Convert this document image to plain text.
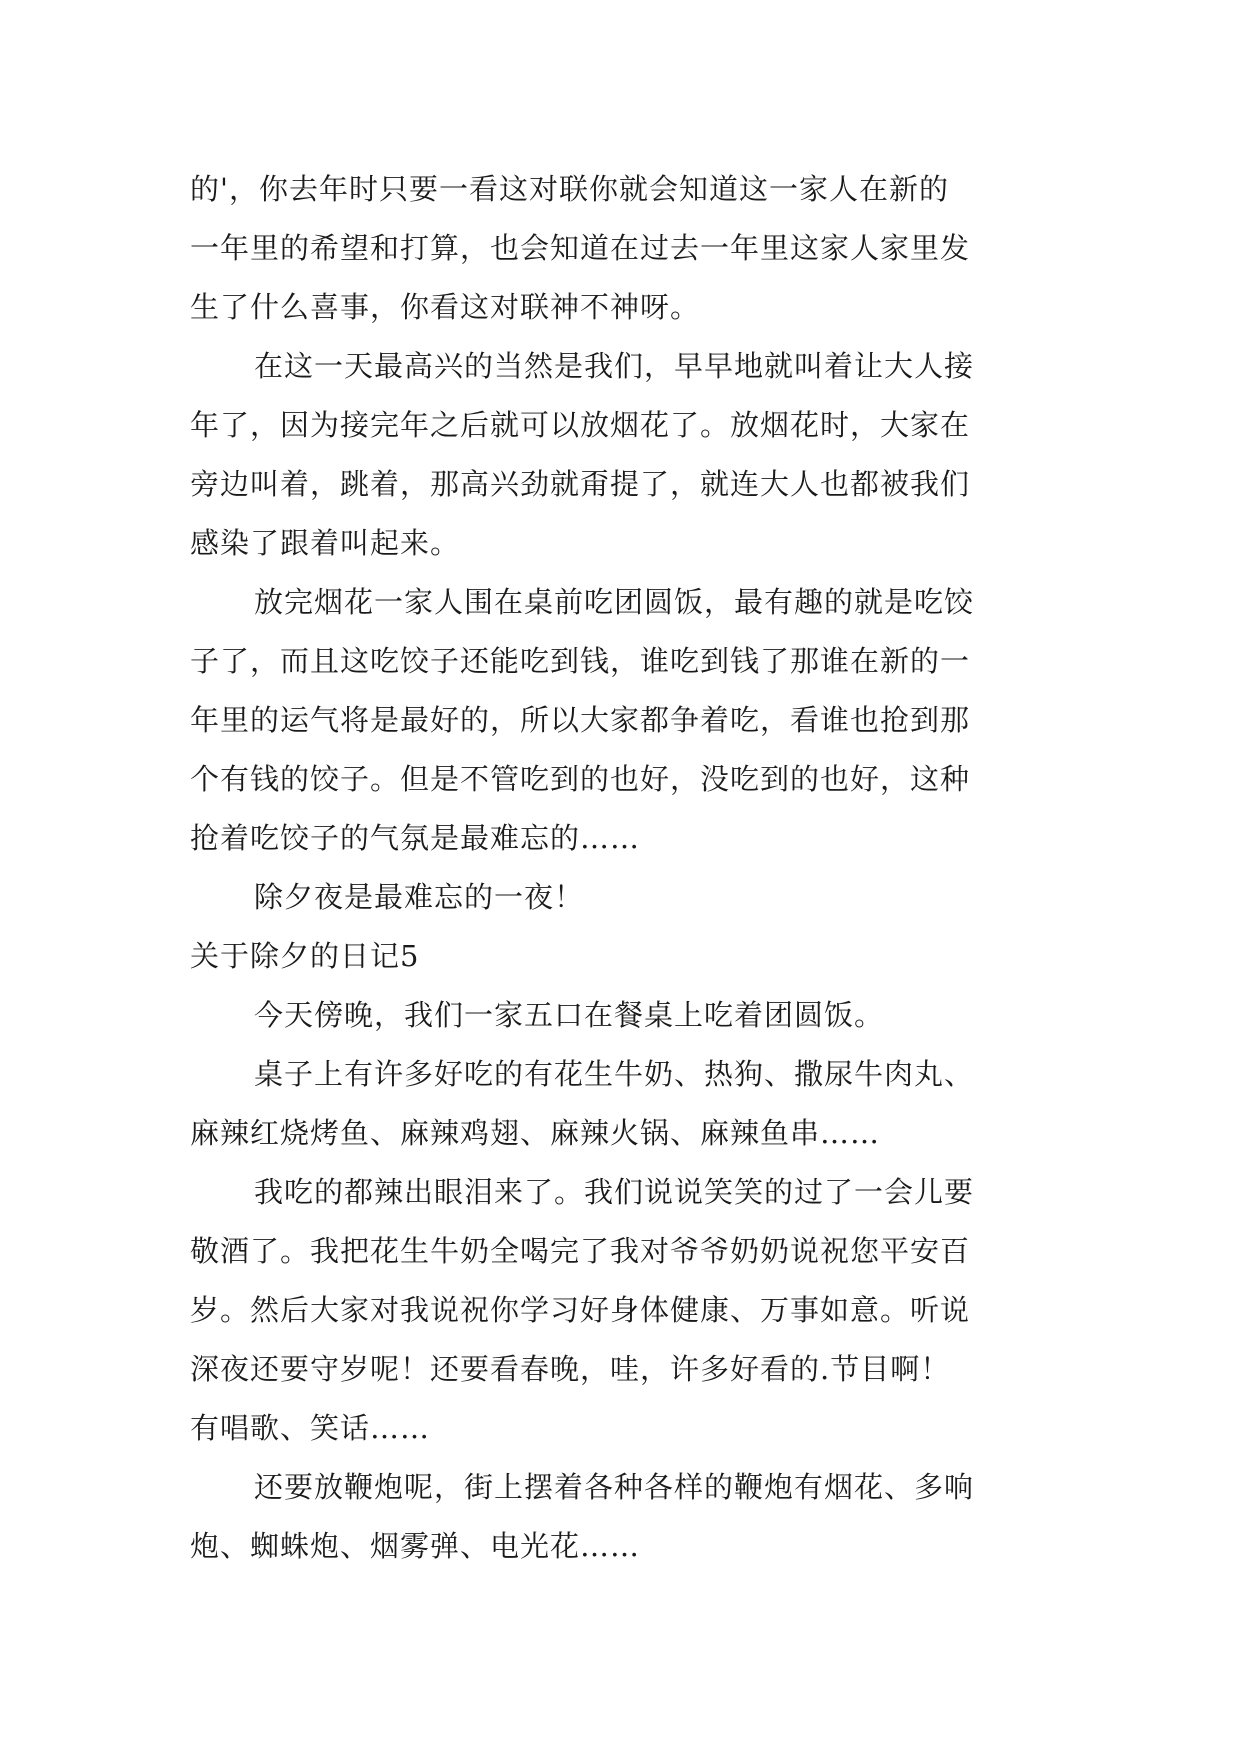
的'，你去年时只要一看这对联你就会知道这一家人在新的
一年里的希望和打算，也会知道在过去一年里这家人家里发
生了什么喜事，你看这对联神不神呀。
在这一天最高兴的当然是我们，早早地就叫着让大人接
年了，因为接完年之后就可以放烟花了。放烟花时，大家在
旁边叫着，跳着，那高兴劲就甭提了，就连大人也都被我们
感染了跟着叫起来。
放完烟花一家人围在桌前吃团圆饭，最有趣的就是吃饺
子了，而且这吃饺子还能吃到钱，谁吃到钱了那谁在新的一
年里的运气将是最好的，所以大家都争着吃，看谁也抢到那
个有钱的饺子。但是不管吃到的也好，没吃到的也好，这种
抢着吃饺子的气氛是最难忘的……
除夕夜是最难忘的一夜！
关于除夕的日记5
今天傍晚，我们一家五口在餐桌上吃着团圆饭。
桌子上有许多好吃的有花生牛奶、热狗、撒尿牛肉丸、
麻辣红烧烤鱼、麻辣鸡翅、麻辣火锅、麻辣鱼串……
我吃的都辣出眼泪来了。我们说说笑笑的过了一会儿要
敬酒了。我把花生牛奶全喝完了我对爷爷奶奶说祝您平安百
岁。然后大家对我说祝你学习好身体健康、万事如意。听说
深夜还要守岁呢！还要看春晚，哇，许多好看的.节目啊！
有唱歌、笑话……
还要放鞭炮呢，街上摆着各种各样的鞭炮有烟花、多响
炮、蜘蛛炮、烟雾弹、电光花……
